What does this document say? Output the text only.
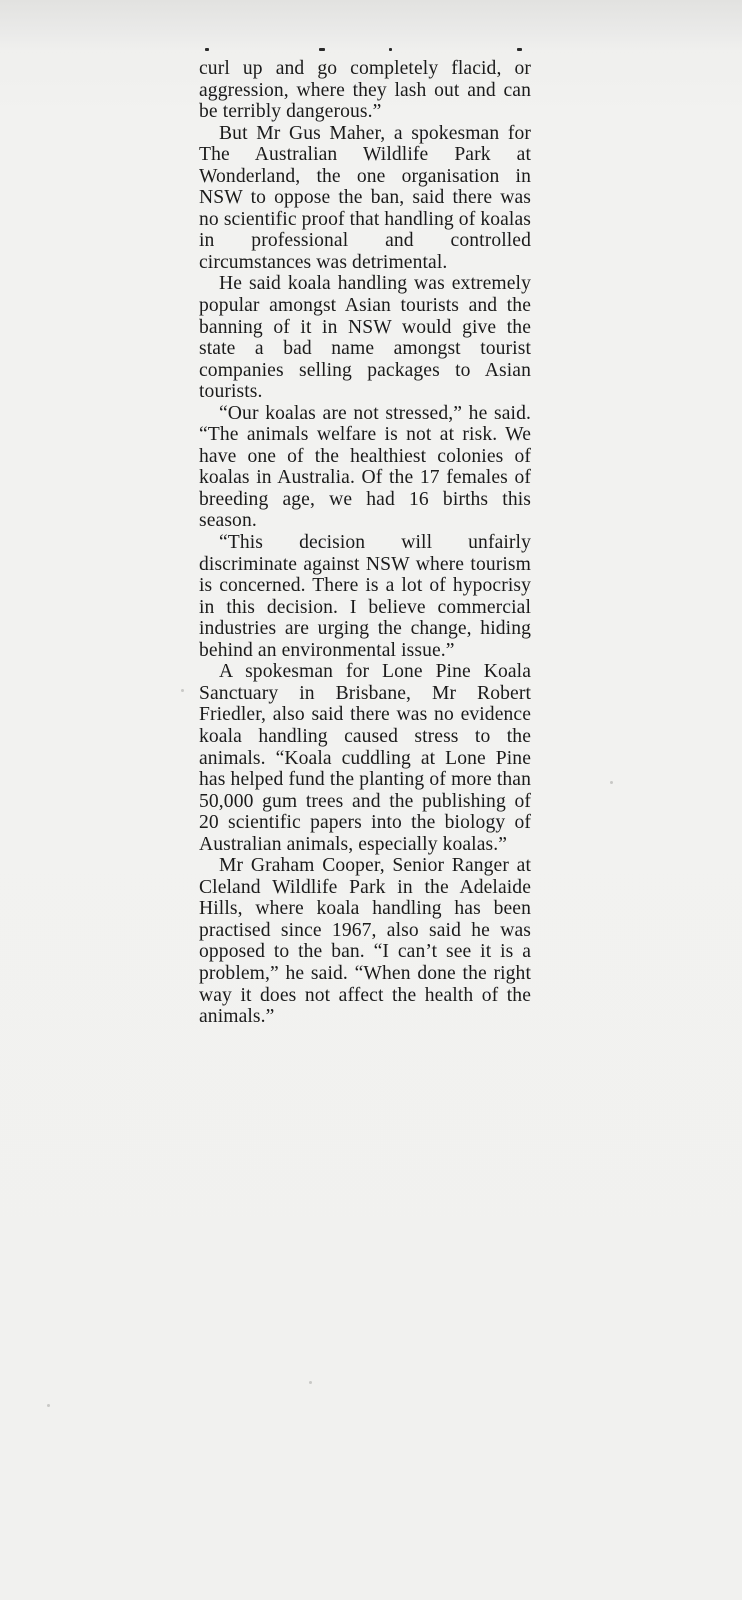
curl up and go completely flacid, or aggression, where they lash out and can be terribly dangerous.”

But Mr Gus Maher, a spokesman for The Australian Wildlife Park at Wonderland, the one organisation in NSW to oppose the ban, said there was no scientific proof that handling of koalas in professional and controlled circumstances was detrimental.

He said koala handling was extremely popular amongst Asian tourists and the banning of it in NSW would give the state a bad name amongst tourist companies selling packages to Asian tourists.

“Our koalas are not stressed,” he said. “The animals welfare is not at risk. We have one of the healthiest colonies of koalas in Australia. Of the 17 females of breeding age, we had 16 births this season.

“This decision will unfairly discriminate against NSW where tourism is concerned. There is a lot of hypocrisy in this decision. I believe commercial industries are urging the change, hiding behind an environmental issue.”

A spokesman for Lone Pine Koala Sanctuary in Brisbane, Mr Robert Friedler, also said there was no evidence koala handling caused stress to the animals. “Koala cuddling at Lone Pine has helped fund the planting of more than 50,000 gum trees and the publishing of 20 scientific papers into the biology of Australian animals, especially koalas.”

Mr Graham Cooper, Senior Ranger at Cleland Wildlife Park in the Adelaide Hills, where koala handling has been practised since 1967, also said he was opposed to the ban. “I can’t see it is a problem,” he said. “When done the right way it does not affect the health of the animals.”
